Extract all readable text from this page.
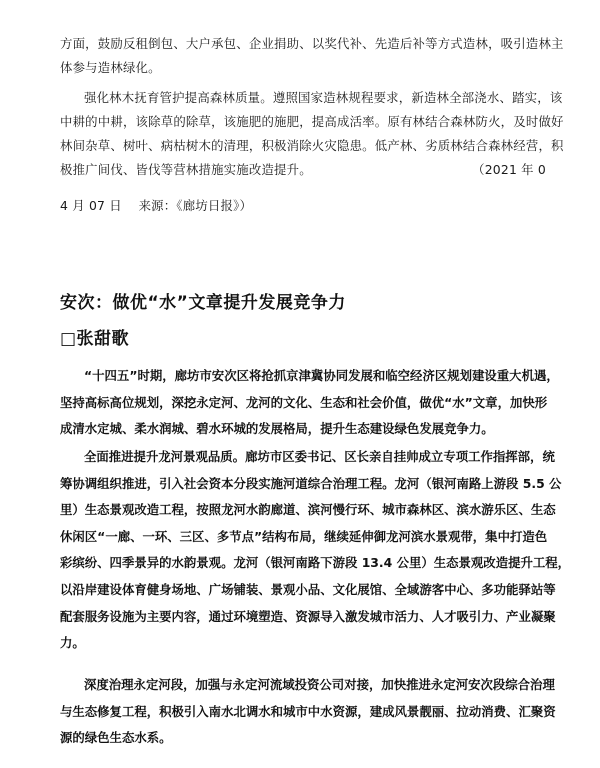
方面，鼓励反租倒包、大户承包、企业捐助、以奖代补、先造后补等方式造林，吸引造林主
体参与造林绿化。
强化林木抚育管护提高森林质量。遵照国家造林规程要求，新造林全部浇水、踏实，该
中耕的中耕，该除草的除草，该施肥的施肥，提高成活率。原有林结合森林防火，及时做好
林间杂草、树叶、病枯树木的清理，积极消除火灾隐患。低产林、劣质林结合森林经营，积
极推广间伐、皆伐等营林措施实施改造提升。	（2021 年 0
4 月 07 日　 来源：《廊坊日报》）
安次：做优“水”文章提升发展竞争力
□张甜歌
“十四五”时期，廊坊市安次区将抢抓京津冀协同发展和临空经济区规划建设重大机遇，
坚持高标高位规划，深挖永定河、龙河的文化、生态和社会价值，做优“水”文章，加快形
成清水定城、柔水润城、碧水环城的发展格局，提升生态建设绿色发展竞争力。
全面推进提升龙河景观品质。廊坊市区委书记、区长亲自挂帅成立专项工作指挥部，统
筹协调组织推进，引入社会资本分段实施河道综合治理工程。龙河（银河南路上游段 5.5 公
里）生态景观改造工程，按照龙河水韵廊道、滨河慢行环、城市森林区、滨水游乐区、生态
休闲区“一廊、一环、三区、多节点”结构布局，继续延伸御龙河滨水景观带，集中打造色
彩缤纷、四季景异的水韵景观。龙河（银河南路下游段 13.4 公里）生态景观改造提升工程，
以沿岸建设体育健身场地、广场铺装、景观小品、文化展馆、全域游客中心、多功能驿站等
配套服务设施为主要内容，通过环境塑造、资源导入激发城市活力、人才吸引力、产业凝聚
力。
深度治理永定河段，加强与永定河流域投资公司对接，加快推进永定河安次段综合治理
与生态修复工程，积极引入南水北调水和城市中水资源，建成风景靓丽、拉动消费、汇聚资
源的绿色生态水系。
